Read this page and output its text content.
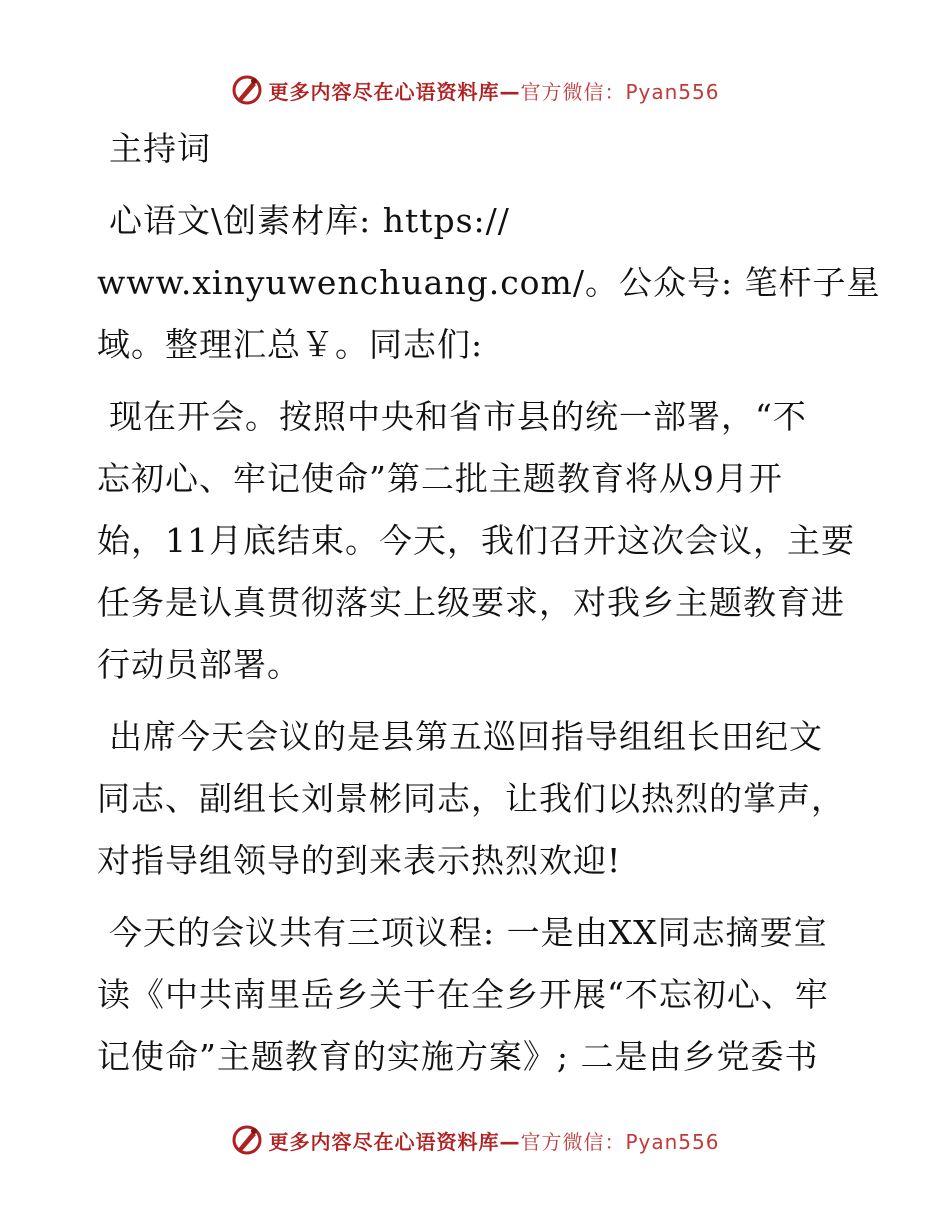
更多内容尽在心语资料库—官方微信：Pyan556
主持词
心语文\创素材库: https://
www.xinyuwenchuang.com/。公众号: 笔杆子星
域。整理汇总￥。同志们:
现在开会。按照中央和省市县的统一部署，“不
忘初心、牢记使命”第二批主题教育将从9月开
始，11月底结束。今天，我们召开这次会议，主要
任务是认真贯彻落实上级要求，对我乡主题教育进
行动员部署。
出席今天会议的是县第五巡回指导组组长田纪文
同志、副组长刘景彬同志，让我们以热烈的掌声，
对指导组领导的到来表示热烈欢迎!
今天的会议共有三项议程: 一是由XX同志摘要宣
读《中共南里岳乡关于在全乡开展“不忘初心、牢
记使命”主题教育的实施方案》; 二是由乡党委书
更多内容尽在心语资料库—官方微信：Pyan556
